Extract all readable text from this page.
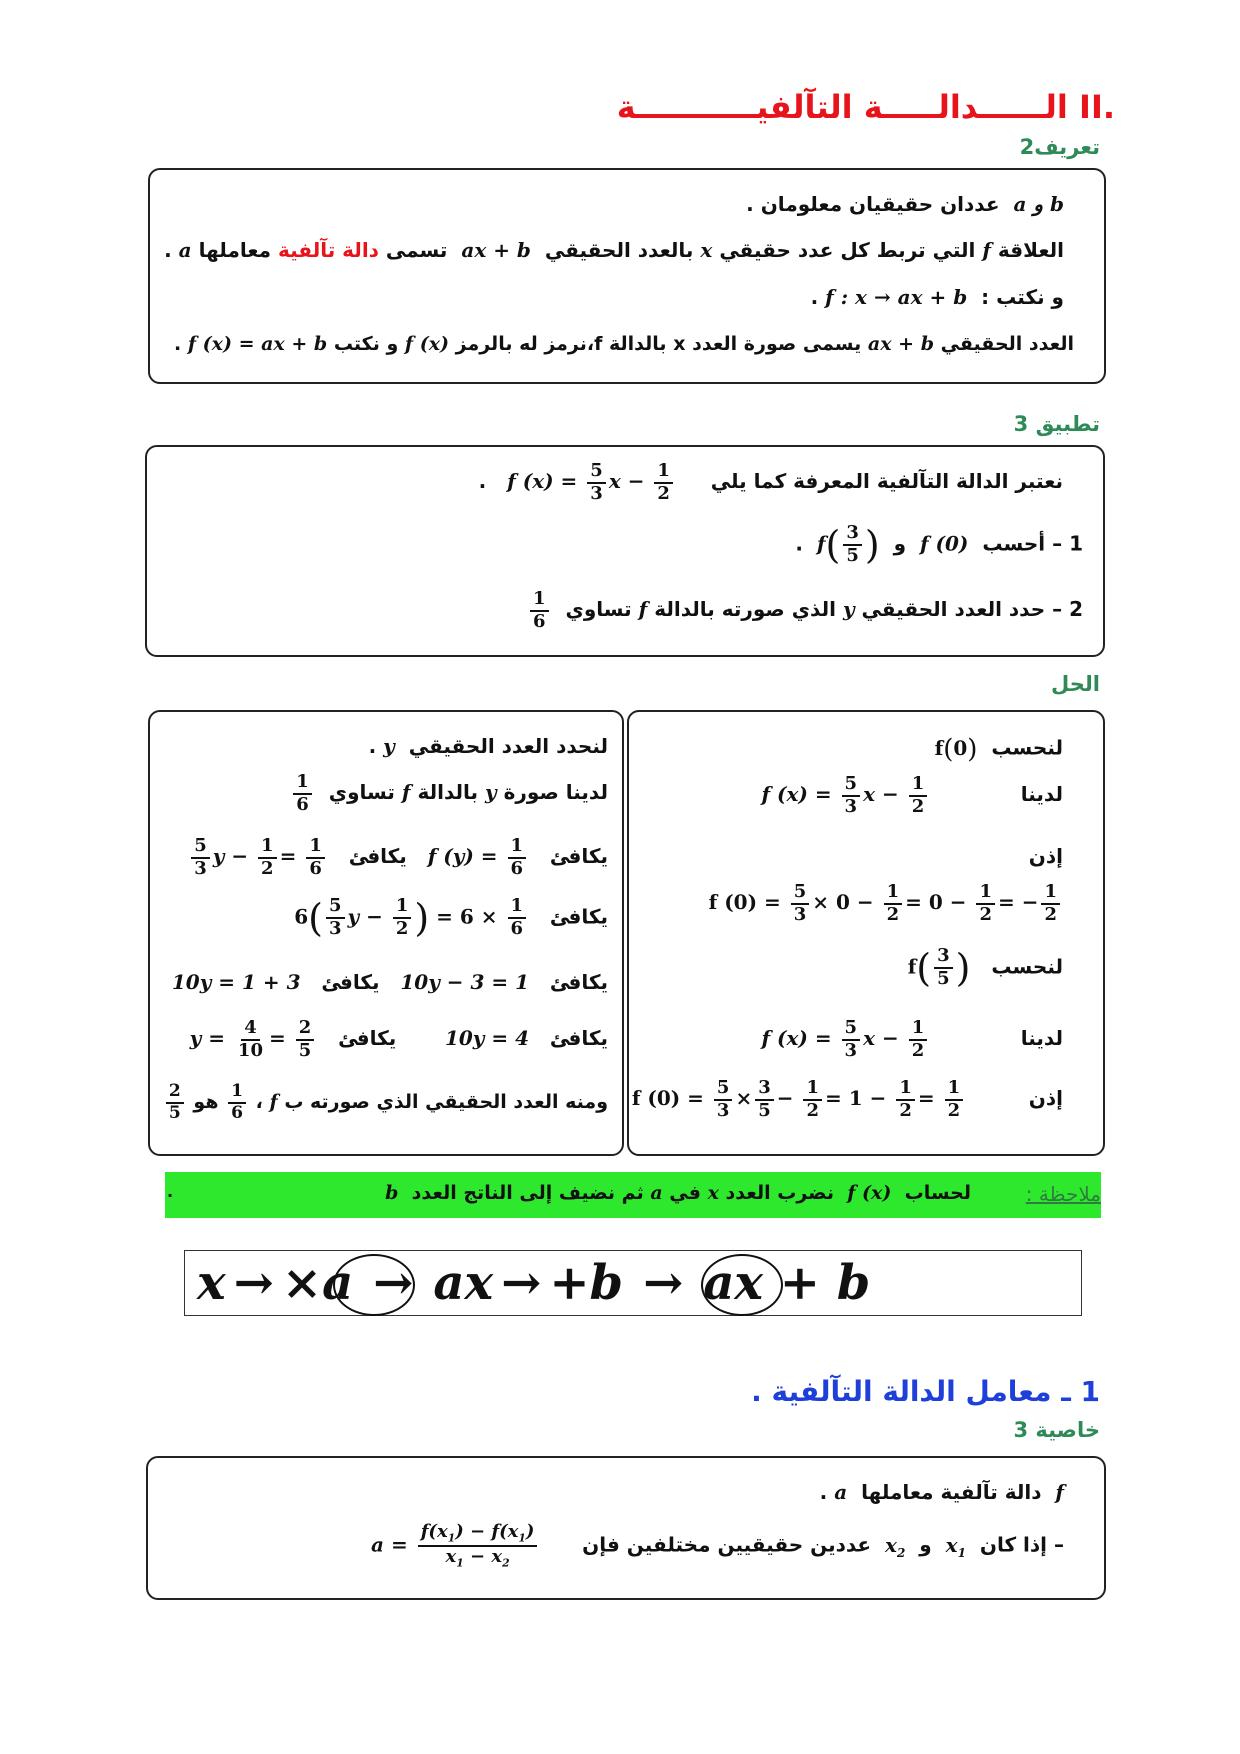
.II الــــــدالـــــة التآلفيـــــــــــة
تعريف2
a و b  عددان حقيقيان معلومان .
العلاقة f التي تربط كل عدد حقيقي x بالعدد الحقيقي  ax + b  تسمى دالة تآلفية معاملها a .
و نكتب :  f : x → ax + b .
العدد الحقيقي ax + b يسمى صورة العدد x بالدالة f،نرمز له بالرمز f (x) و نكتب f (x) = ax + b .
تطبيق 3
نعتبر الدالة التآلفية المعرفة كما يلي     f $(x) = \frac{5}{3}$ $x - \frac{1}{2}$
.
1 – أحسب  f (0)  و  $f( \frac{3}{5}$ )  .
2 – حدد العدد الحقيقي y الذي صورته بالدالة f تساوي
$\frac{1}{6}$
الحل
لنحسب  f(0)
لدينا             f $(x) = \frac{5}{3}$ $x - \frac{1}{2}$
إذن
f $(0) = \frac{5}{3} \times 0 - \frac{1}{2} = 0 - \frac{1}{2}$ = − $\frac{1}{2}$
لنحسب   $f( \frac{3}{5}$ )
لدينا             f $(x) = \frac{5}{3}$ $x - \frac{1}{2}$
إذن         f $(0) = \frac{5}{3} \times \frac{3}{5} - \frac{1}{2} = 1 - \frac{1}{2} = \frac{1}{2}$
لنحدد العدد الحقيقي  y .
لدينا صورة y بالدالة f تساوي
$\frac{1}{6}$
يكافئ   f $(y) = \frac{1}{6}$
يكافئ
$\frac{5}{3}$ $y - \frac{1}{2} = \frac{1}{6}$
يكافئ   $6( \frac{5}{3}$ $y - \frac{1}{2}$ ) = $6 \times \frac{1}{6}$
يكافئ   10y − 3 = 1   يكافئ   10y = 1 + 3
يكافئ   10y = 4       يكافئ   $y = \frac{4}{10} = \frac{2}{5}$
ومنه العدد الحقيقي الذي صورته ب f ،
$\frac{1}{6}$
هو
$\frac{2}{5}$
ملاحظة :
لحساب  f (x)  نضرب العدد x في a ثم نضيف إلى الناتج العدد  b
.
x → ×a → ax → +b → ax + b
1 ـ معامل الدالة التآلفية .
خاصية 3
f  دالة تآلفية معاملها  a .
– إذا كان  $x_1$  و  $x_2$  عددين حقيقيين مختلفين فإن      $a = \frac{f(x_1) - f(x_1)}{x_1 - x_2}$
